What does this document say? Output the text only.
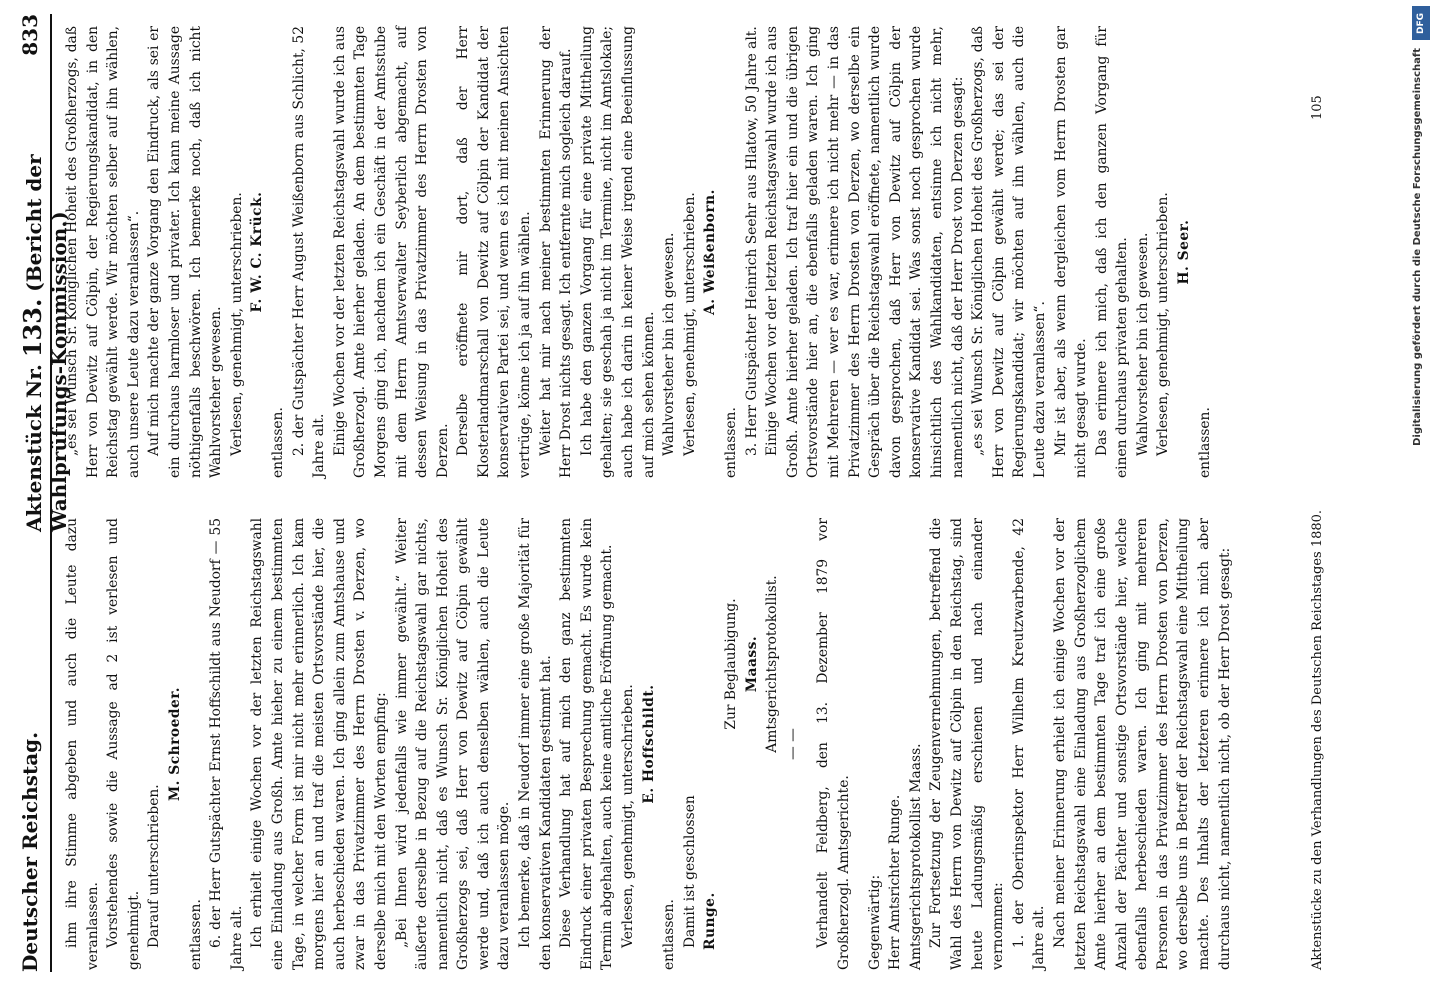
Deutscher Reichstag.
Aktenstück Nr. 133. (Bericht der Wahlprüfungs-Kommission.)
833

ihm ihre Stimme abgeben und auch die Leute dazu veranlassen. Vorstehendes sowie die Aussage ad 2 ist verlesen und genehmigt. Darauf unterschrieben.

M. Schroeder.

entlassen. 6. der Herr Gutspächter Ernst Hoffschildt aus Neudorf — 55 Jahre alt. Ich erhielt einige Wochen vor der letzten Reichstagswahl eine Einladung aus Großh. Amte hieher zu einem bestimmten Tage, in welcher Form ist mir nicht mehr erinnerlich. Ich kam morgens hier an und traf die meisten Ortsvorstände hier, die auch herbeschieden waren. Ich ging allein zum Amtshause und zwar in das Privatzimmer des Herrn Drosten v. Derzen, wo derselbe mich mit den Worten empfing: „Bei Ihnen wird jedenfalls wie immer gewählt.“ Weiter äußerte derselbe in Bezug auf die Reichstagswahl gar nichts, namentlich nicht, daß es Wunsch Sr. Königlichen Hoheit des Großherzogs sei, daß Herr von Dewitz auf Cölpin gewählt werde und, daß ich auch denselben wählen, auch die Leute dazu veranlassen möge. Ich bemerke, daß in Neudorf immer eine große Majorität für den konservativen Kandidaten gestimmt hat. Diese Verhandlung hat auf mich den ganz bestimmten Eindruck einer privaten Besprechung gemacht. Es wurde kein Termin abgehalten, auch keine amtliche Eröffnung gemacht. Verlesen, genehmigt, unterschrieben. E. Hoffschildt.

entlassen. Damit ist geschlossen Runge.

Zur Beglaubigung. Maass. Amtsgerichtsprotokollist. — — Verhandelt Feldberg, den 13. Dezember 1879 vor Großherzogl. Amtsgerichte. Gegenwärtig: Herr Amtsrichter Runge. Amtsgerichtsprotokollist Maass. Zur Fortsetzung der Zeugenvernehmungen, betreffend die Wahl des Herrn von Dewitz auf Cölpin in den Reichstag, sind heute Ladungsmäßig erschienen und nach einander vernommen: 1. der Oberinspektor Herr Wilhelm Kreutzwarbende, 42 Jahre alt. Nach meiner Erinnerung erhielt ich einige Wochen vor der letzten Reichstagswahl eine Einladung aus Großherzoglichem Amte hierher an dem bestimmten Tage traf ich eine große Anzahl der Pächter und sonstige Ortsvorstände hier, welche ebenfalls herbeschieden waren. Ich ging mit mehreren Personen in das Privatzimmer des Herrn Drosten von Derzen, wo derselbe uns in Betreff der Reichstagswahl eine Mittheilung machte. Des Inhalts der letzteren erinnere ich mich aber durchaus nicht, namentlich nicht, ob der Herr Drost gesagt:

„es sei Wunsch Sr. Königlichen Hoheit des Großherzogs, daß Herr von Dewitz auf Cölpin, der Regierungskandidat, in den Reichstag gewählt werde. Wir möchten selber auf ihn wählen, auch unsere Leute dazu veranlassen“. Auf mich machte der ganze Vorgang den Eindruck, als sei er ein durchaus harmloser und privater. Ich kann meine Aussage nöthigenfalls beschwören. Ich bemerke noch, daß ich nicht Wahlvorsteher gewesen. Verlesen, genehmigt, unterschrieben. F. W. C. Krück.

entlassen. 2. der Gutspächter Herr August Weißenborn aus Schlicht, 52 Jahre alt. Einige Wochen vor der letzten Reichstagswahl wurde ich aus Großherzogl. Amte hierher geladen. An dem bestimmten Tage Morgens ging ich, nachdem ich ein Geschäft in der Amtsstube mit dem Herrn Amtsverwalter Seyberlich abgemacht, auf dessen Weisung in das Privatzimmer des Herrn Drosten von Derzen. Derselbe eröffnete mir dort, daß der Herr Klosterlandmarschall von Dewitz auf Cölpin der Kandidat der konservativen Partei sei, und wenn es ich mit meinen Ansichten vertrüge, könne ich ja auf ihn wählen. Weiter hat mir nach meiner bestimmten Erinnerung der Herr Drost nichts gesagt. Ich entfernte mich sogleich darauf. Ich habe den ganzen Vorgang für eine private Mittheilung gehalten; sie geschah ja nicht im Termine, nicht im Amtslokale; auch habe ich darin in keiner Weise irgend eine Beeinflussung auf mich sehen können. Wahlvorsteher bin ich gewesen. Verlesen, genehmigt, unterschrieben. A. Weißenborn.

entlassen. 3. Herr Gutspächter Heinrich Seehr aus Hlatow, 50 Jahre alt. Einige Wochen vor der letzten Reichstagswahl wurde ich aus Großh. Amte hierher geladen. Ich traf hier ein und die übrigen Ortsvorstände hier an, die ebenfalls geladen waren. Ich ging mit Mehreren — wer es war, erinnere ich nicht mehr — in das Privatzimmer des Herrn Drosten von Derzen, wo derselbe ein Gespräch über die Reichstagswahl eröffnete, namentlich wurde davon gesprochen, daß Herr von Dewitz auf Cölpin der konservative Kandidat sei. Was sonst noch gesprochen wurde hinsichtlich des Wahlkandidaten, entsinne ich nicht mehr, namentlich nicht, daß der Herr Drost von Derzen gesagt: „es sei Wunsch Sr. Königlichen Hoheit des Großherzogs, daß Herr von Dewitz auf Cölpin gewählt werde; das sei der Regierungskandidat; wir möchten auf ihn wählen, auch die Leute dazu veranlassen“. Mir ist aber, als wenn dergleichen vom Herrn Drosten gar nicht gesagt wurde. Das erinnere ich mich, daß ich den ganzen Vorgang für einen durchaus privaten gehalten. Wahlvorsteher bin ich gewesen. Verlesen, genehmigt, unterschrieben. H. Seer.

entlassen.

Aktenstücke zu den Verhandlungen des Deutschen Reichstages 1880.
105
DFG
Digitalisierung gefördert durch die Deutsche Forschungsgemeinschaft
